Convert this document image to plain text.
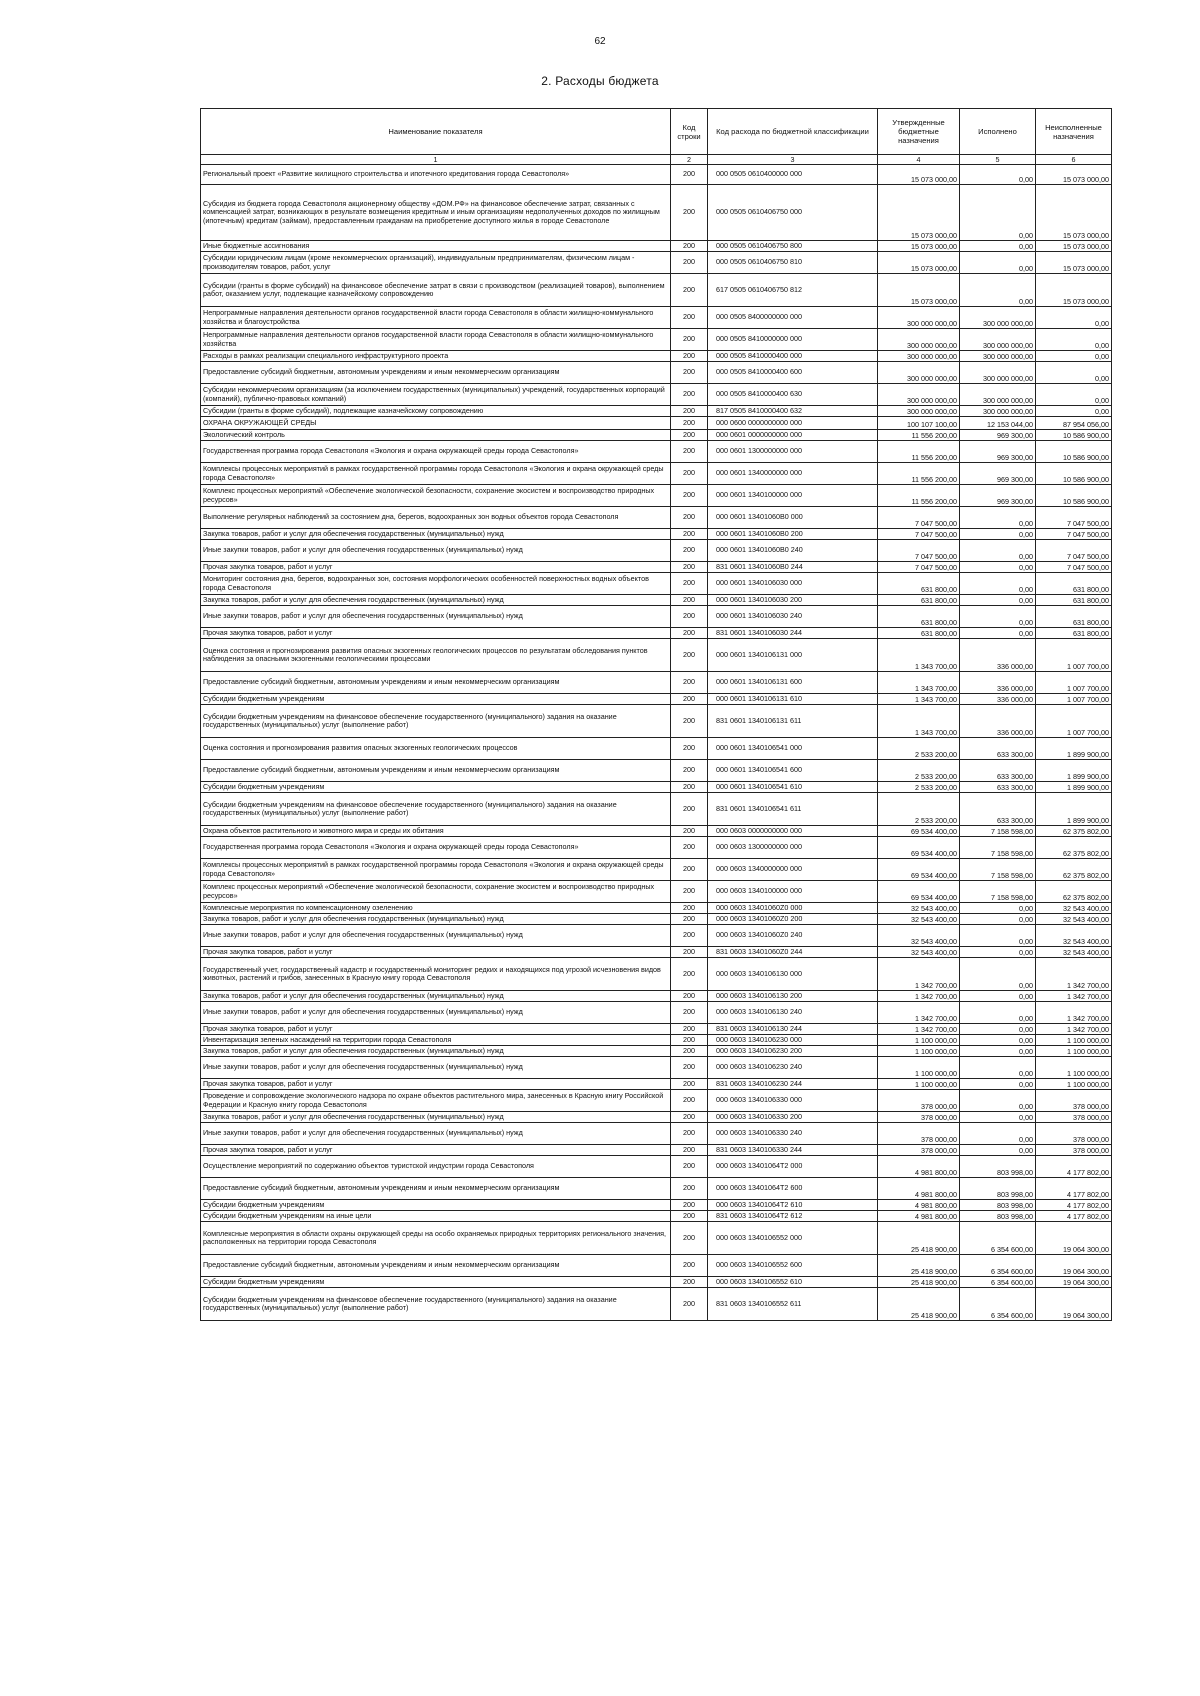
62
2. Расходы бюджета
Наименование показателя	Код строки	Код расхода по бюджетной классификации	Утвержденные бюджетные назначения	Исполнено	Неисполненные назначения
1	2	3	4	5	6
Региональный проект «Развитие жилищного строительства и ипотечного кредитования города Севастополя»	200	000 0505 0610400000 000	15 073 000,00	0,00	15 073 000,00
Субсидия из бюджета города Севастополя акционерному обществу «ДОМ.РФ» на финансовое обеспечение затрат, связанных с компенсацией затрат, возникающих в результате возмещения кредитным и иным организациям недополученных доходов по жилищным (ипотечным) кредитам (займам), предоставленным гражданам на приобретение доступного жилья в городе Севастополе	200	000 0505 0610406750 000	15 073 000,00	0,00	15 073 000,00
Иные бюджетные ассигнования	200	000 0505 0610406750 800	15 073 000,00	0,00	15 073 000,00
Субсидии юридическим лицам (кроме некоммерческих организаций), индивидуальным предпринимателям, физическим лицам - производителям товаров, работ, услуг	200	000 0505 0610406750 810	15 073 000,00	0,00	15 073 000,00
Субсидии (гранты в форме субсидий) на финансовое обеспечение затрат в связи с производством (реализацией товаров), выполнением работ, оказанием услуг, подлежащие казначейскому сопровождению	200	617 0505 0610406750 812	15 073 000,00	0,00	15 073 000,00
Непрограммные направления деятельности органов государственной власти города Севастополя в области жилищно-коммунального хозяйства и благоустройства	200	000 0505 8400000000 000	300 000 000,00	300 000 000,00	0,00
Непрограммные направления деятельности органов государственной власти города Севастополя в области жилищно-коммунального хозяйства	200	000 0505 8410000000 000	300 000 000,00	300 000 000,00	0,00
Расходы в рамках реализации специального инфраструктурного проекта	200	000 0505 8410000400 000	300 000 000,00	300 000 000,00	0,00
Предоставление субсидий бюджетным, автономным учреждениям и иным некоммерческим организациям	200	000 0505 8410000400 600	300 000 000,00	300 000 000,00	0,00
Субсидии некоммерческим организациям (за исключением государственных (муниципальных) учреждений, государственных корпораций (компаний), публично-правовых компаний)	200	000 0505 8410000400 630	300 000 000,00	300 000 000,00	0,00
Субсидии (гранты в форме субсидий), подлежащие казначейскому сопровождению	200	817 0505 8410000400 632	300 000 000,00	300 000 000,00	0,00
ОХРАНА ОКРУЖАЮЩЕЙ СРЕДЫ	200	000 0600 0000000000 000	100 107 100,00	12 153 044,00	87 954 056,00
Экологический контроль	200	000 0601 0000000000 000	11 556 200,00	969 300,00	10 586 900,00
Государственная программа города Севастополя «Экология и охрана окружающей среды города Севастополя»	200	000 0601 1300000000 000	11 556 200,00	969 300,00	10 586 900,00
Комплексы процессных мероприятий в рамках государственной программы города Севастополя «Экология и охрана окружающей среды города Севастополя»	200	000 0601 1340000000 000	11 556 200,00	969 300,00	10 586 900,00
Комплекс процессных мероприятий «Обеспечение экологической безопасности, сохранение экосистем и воспроизводство природных ресурсов»	200	000 0601 1340100000 000	11 556 200,00	969 300,00	10 586 900,00
Выполнение регулярных наблюдений за состоянием дна, берегов, водоохранных зон водных объектов города Севастополя	200	000 0601 13401060В0 000	7 047 500,00	0,00	7 047 500,00
Закупка товаров, работ и услуг для обеспечения государственных (муниципальных) нужд	200	000 0601 13401060В0 200	7 047 500,00	0,00	7 047 500,00
Иные закупки товаров, работ и услуг для обеспечения государственных (муниципальных) нужд	200	000 0601 13401060В0 240	7 047 500,00	0,00	7 047 500,00
Прочая закупка товаров, работ и услуг	200	831 0601 13401060В0 244	7 047 500,00	0,00	7 047 500,00
Мониторинг состояния дна, берегов, водоохранных зон, состояния морфологических особенностей поверхностных водных объектов города Севастополя	200	000 0601 1340106030 000	631 800,00	0,00	631 800,00
Закупка товаров, работ и услуг для обеспечения государственных (муниципальных) нужд	200	000 0601 1340106030 200	631 800,00	0,00	631 800,00
Иные закупки товаров, работ и услуг для обеспечения государственных (муниципальных) нужд	200	000 0601 1340106030 240	631 800,00	0,00	631 800,00
Прочая закупка товаров, работ и услуг	200	831 0601 1340106030 244	631 800,00	0,00	631 800,00
Оценка состояния и прогнозирования развития опасных экзогенных геологических процессов по результатам обследования пунктов наблюдения за опасными экзогенными геологическими процессами	200	000 0601 1340106131 000	1 343 700,00	336 000,00	1 007 700,00
Предоставление субсидий бюджетным, автономным учреждениям и иным некоммерческим организациям	200	000 0601 1340106131 600	1 343 700,00	336 000,00	1 007 700,00
Субсидии бюджетным учреждениям	200	000 0601 1340106131 610	1 343 700,00	336 000,00	1 007 700,00
Субсидии бюджетным учреждениям на финансовое обеспечение государственного (муниципального) задания на оказание государственных (муниципальных) услуг (выполнение работ)	200	831 0601 1340106131 611	1 343 700,00	336 000,00	1 007 700,00
Оценка состояния и прогнозирования развития опасных экзогенных геологических процессов	200	000 0601 1340106541 000	2 533 200,00	633 300,00	1 899 900,00
Предоставление субсидий бюджетным, автономным учреждениям и иным некоммерческим организациям	200	000 0601 1340106541 600	2 533 200,00	633 300,00	1 899 900,00
Субсидии бюджетным учреждениям	200	000 0601 1340106541 610	2 533 200,00	633 300,00	1 899 900,00
Субсидии бюджетным учреждениям на финансовое обеспечение государственного (муниципального) задания на оказание государственных (муниципальных) услуг (выполнение работ)	200	831 0601 1340106541 611	2 533 200,00	633 300,00	1 899 900,00
Охрана объектов растительного и животного мира и среды их обитания	200	000 0603 0000000000 000	69 534 400,00	7 158 598,00	62 375 802,00
Государственная программа города Севастополя «Экология и охрана окружающей среды города Севастополя»	200	000 0603 1300000000 000	69 534 400,00	7 158 598,00	62 375 802,00
Комплексы процессных мероприятий в рамках государственной программы города Севастополя «Экология и охрана окружающей среды города Севастополя»	200	000 0603 1340000000 000	69 534 400,00	7 158 598,00	62 375 802,00
Комплекс процессных мероприятий «Обеспечение экологической безопасности, сохранение экосистем и воспроизводство природных ресурсов»	200	000 0603 1340100000 000	69 534 400,00	7 158 598,00	62 375 802,00
Комплексные мероприятия по компенсационному озеленению	200	000 0603 13401060Z0 000	32 543 400,00	0,00	32 543 400,00
Закупка товаров, работ и услуг для обеспечения государственных (муниципальных) нужд	200	000 0603 13401060Z0 200	32 543 400,00	0,00	32 543 400,00
Иные закупки товаров, работ и услуг для обеспечения государственных (муниципальных) нужд	200	000 0603 13401060Z0 240	32 543 400,00	0,00	32 543 400,00
Прочая закупка товаров, работ и услуг	200	831 0603 13401060Z0 244	32 543 400,00	0,00	32 543 400,00
Государственный учет, государственный кадастр и государственный мониторинг редких и находящихся под угрозой исчезновения видов животных, растений и грибов, занесенных в Красную книгу города Севастополя	200	000 0603 1340106130 000	1 342 700,00	0,00	1 342 700,00
Закупка товаров, работ и услуг для обеспечения государственных (муниципальных) нужд	200	000 0603 1340106130 200	1 342 700,00	0,00	1 342 700,00
Иные закупки товаров, работ и услуг для обеспечения государственных (муниципальных) нужд	200	000 0603 1340106130 240	1 342 700,00	0,00	1 342 700,00
Прочая закупка товаров, работ и услуг	200	831 0603 1340106130 244	1 342 700,00	0,00	1 342 700,00
Инвентаризация зеленых насаждений на территории города Севастополя	200	000 0603 1340106230 000	1 100 000,00	0,00	1 100 000,00
Закупка товаров, работ и услуг для обеспечения государственных (муниципальных) нужд	200	000 0603 1340106230 200	1 100 000,00	0,00	1 100 000,00
Иные закупки товаров, работ и услуг для обеспечения государственных (муниципальных) нужд	200	000 0603 1340106230 240	1 100 000,00	0,00	1 100 000,00
Прочая закупка товаров, работ и услуг	200	831 0603 1340106230 244	1 100 000,00	0,00	1 100 000,00
Проведение и сопровождение экологического надзора по охране объектов растительного мира, занесенных в Красную книгу Российской Федерации и Красную книгу города Севастополя	200	000 0603 1340106330 000	378 000,00	0,00	378 000,00
Закупка товаров, работ и услуг для обеспечения государственных (муниципальных) нужд	200	000 0603 1340106330 200	378 000,00	0,00	378 000,00
Иные закупки товаров, работ и услуг для обеспечения государственных (муниципальных) нужд	200	000 0603 1340106330 240	378 000,00	0,00	378 000,00
Прочая закупка товаров, работ и услуг	200	831 0603 1340106330 244	378 000,00	0,00	378 000,00
Осуществление мероприятий по содержанию объектов туристской индустрии города Севастополя	200	000 0603 13401064Т2 000	4 981 800,00	803 998,00	4 177 802,00
Предоставление субсидий бюджетным, автономным учреждениям и иным некоммерческим организациям	200	000 0603 13401064Т2 600	4 981 800,00	803 998,00	4 177 802,00
Субсидии бюджетным учреждениям	200	000 0603 13401064Т2 610	4 981 800,00	803 998,00	4 177 802,00
Субсидии бюджетным учреждениям на иные цели	200	831 0603 13401064Т2 612	4 981 800,00	803 998,00	4 177 802,00
Комплексные мероприятия в области охраны окружающей среды на особо охраняемых природных территориях регионального значения, расположенных на территории города Севастополя	200	000 0603 1340106552 000	25 418 900,00	6 354 600,00	19 064 300,00
Предоставление субсидий бюджетным, автономным учреждениям и иным некоммерческим организациям	200	000 0603 1340106552 600	25 418 900,00	6 354 600,00	19 064 300,00
Субсидии бюджетным учреждениям	200	000 0603 1340106552 610	25 418 900,00	6 354 600,00	19 064 300,00
Субсидии бюджетным учреждениям на финансовое обеспечение государственного (муниципального) задания на оказание государственных (муниципальных) услуг (выполнение работ)	200	831 0603 1340106552 611	25 418 900,00	6 354 600,00	19 064 300,00
